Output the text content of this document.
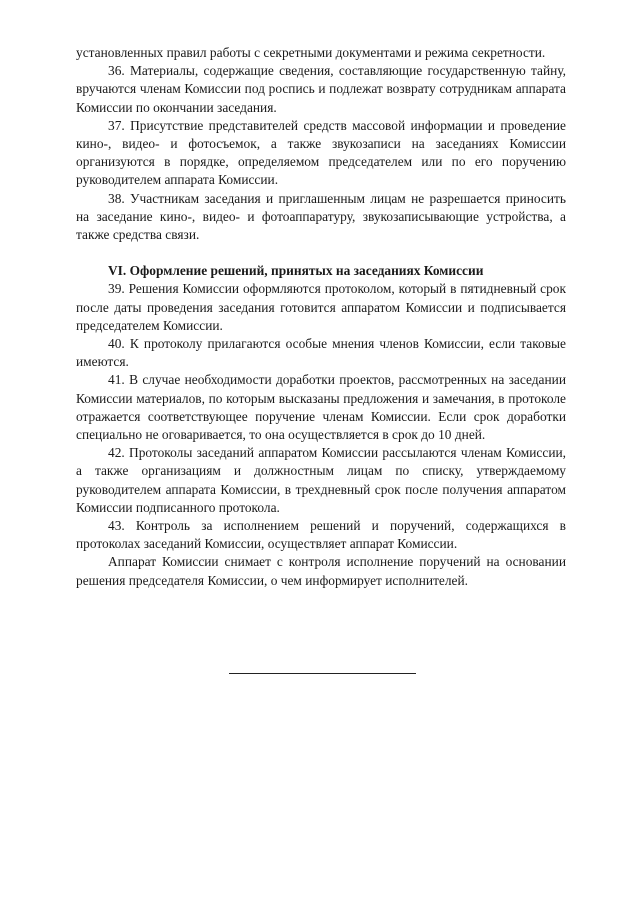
установленных правил работы с секретными документами и режима секретности.

36. Материалы, содержащие сведения, составляющие государственную тайну, вручаются членам Комиссии под роспись и подлежат возврату сотрудникам аппарата Комиссии по окончании заседания.

37. Присутствие представителей средств массовой информации и проведение кино-, видео- и фотосъемок, а также звукозаписи на заседаниях Комиссии организуются в порядке, определяемом председателем или по его поручению руководителем аппарата Комиссии.

38. Участникам заседания и приглашенным лицам не разрешается приносить на заседание кино-, видео- и фотоаппаратуру, звукозаписывающие устройства, а также средства связи.

VI. Оформление решений, принятых на заседаниях Комиссии

39. Решения Комиссии оформляются протоколом, который в пятидневный срок после даты проведения заседания готовится аппаратом Комиссии и подписывается председателем Комиссии.

40. К протоколу прилагаются особые мнения членов Комиссии, если таковые имеются.

41. В случае необходимости доработки проектов, рассмотренных на заседании Комиссии материалов, по которым высказаны предложения и замечания, в протоколе отражается соответствующее поручение членам Комиссии. Если срок доработки специально не оговаривается, то она осуществляется в срок до 10 дней.

42. Протоколы заседаний аппаратом Комиссии рассылаются членам Комиссии, а также организациям и должностным лицам по списку, утверждаемому руководителем аппарата Комиссии, в трехдневный срок после получения аппаратом Комиссии подписанного протокола.

43. Контроль за исполнением решений и поручений, содержащихся в протоколах заседаний Комиссии, осуществляет аппарат Комиссии.

Аппарат Комиссии снимает с контроля исполнение поручений на основании решения председателя Комиссии, о чем информирует исполнителей.
